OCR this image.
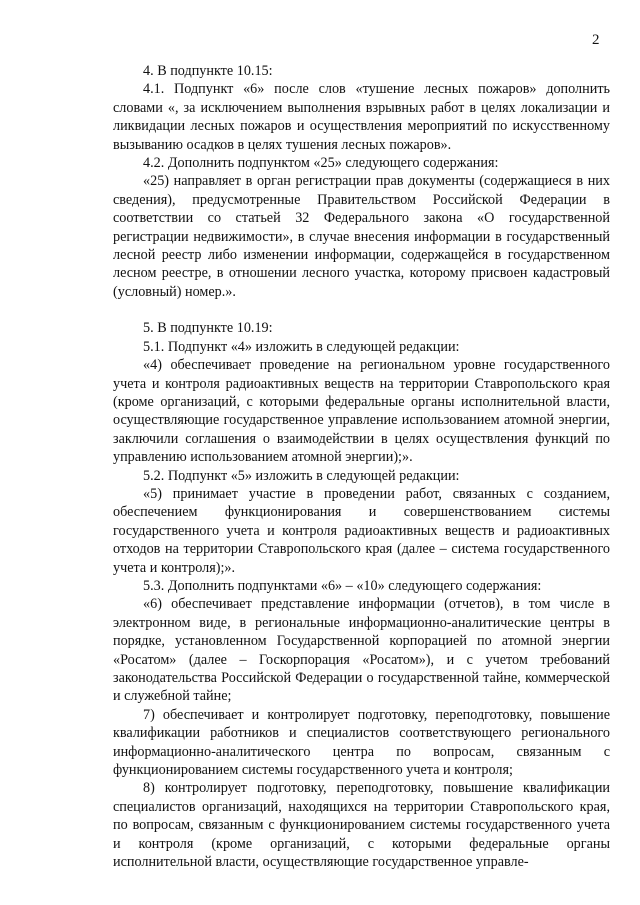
2

4. В подпункте 10.15:

4.1. Подпункт «6» после слов «тушение лесных пожаров» дополнить словами «, за исключением выполнения взрывных работ в целях локализации и ликвидации лесных пожаров и осуществления мероприятий по искусственному вызыванию осадков в целях тушения лесных пожаров».

4.2. Дополнить подпунктом «25» следующего содержания:

«25) направляет в орган регистрации прав документы (содержащиеся в них сведения), предусмотренные Правительством Российской Федерации в соответствии со статьей 32 Федерального закона «О государственной регистрации недвижимости», в случае внесения информации в государственный лесной реестр либо изменении информации, содержащейся в государственном лесном реестре, в отношении лесного участка, которому присвоен кадастровый (условный) номер.».

5. В подпункте 10.19:

5.1. Подпункт «4» изложить в следующей редакции:

«4) обеспечивает проведение на региональном уровне государственного учета и контроля радиоактивных веществ на территории Ставропольского края (кроме организаций, с которыми федеральные органы исполнительной власти, осуществляющие государственное управление использованием атомной энергии, заключили соглашения о взаимодействии в целях осуществления функций по управлению использованием атомной энергии);».

5.2. Подпункт «5» изложить в следующей редакции:

«5) принимает участие в проведении работ, связанных с созданием, обеспечением функционирования и совершенствованием системы государственного учета и контроля радиоактивных веществ и радиоактивных отходов на территории Ставропольского края (далее – система государственного учета и контроля);».

5.3. Дополнить подпунктами «6» – «10» следующего содержания:

«6) обеспечивает представление информации (отчетов), в том числе в электронном виде, в региональные информационно-аналитические центры в порядке, установленном Государственной корпорацией по атомной энергии «Росатом» (далее – Госкорпорация «Росатом»), и с учетом требований законодательства Российской Федерации о государственной тайне, коммерческой и служебной тайне;

7) обеспечивает и контролирует подготовку, переподготовку, повышение квалификации работников и специалистов соответствующего регионального информационно-аналитического центра по вопросам, связанным с функционированием системы государственного учета и контроля;

8) контролирует подготовку, переподготовку, повышение квалификации специалистов организаций, находящихся на территории Ставропольского края, по вопросам, связанным с функционированием системы государственного учета и контроля (кроме организаций, с которыми федеральные органы исполнительной власти, осуществляющие государственное управле-
